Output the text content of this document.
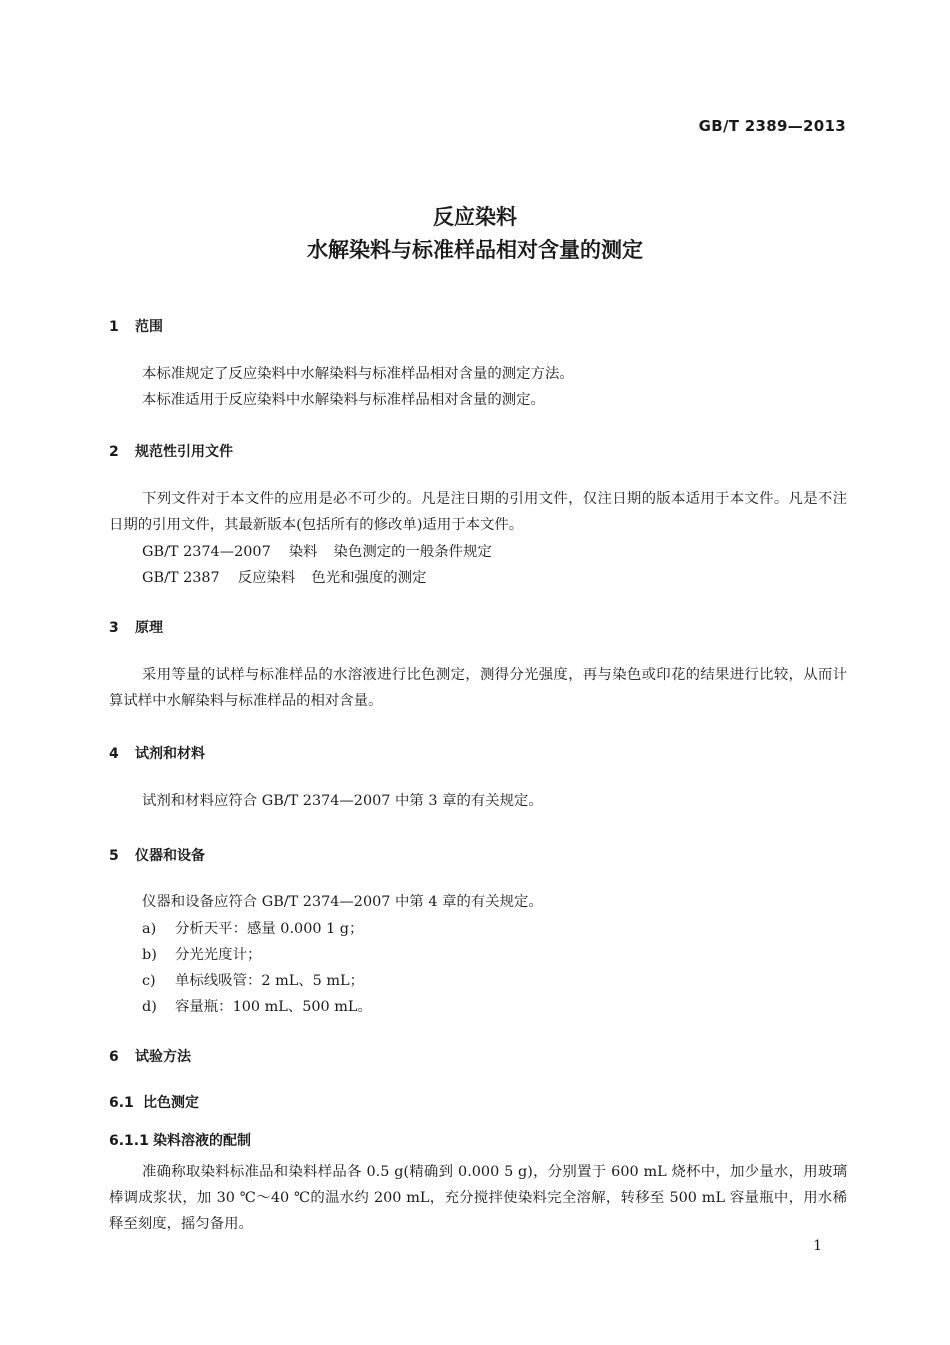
GB/T 2389—2013
反应染料
水解染料与标准样品相对含量的测定
1 范围

本标准规定了反应染料中水解染料与标准样品相对含量的测定方法。

本标准适用于反应染料中水解染料与标准样品相对含量的测定。

2 规范性引用文件

下列文件对于本文件的应用是必不可少的。凡是注日期的引用文件，仅注日期的版本适用于本文件。凡是不注日期的引用文件，其最新版本(包括所有的修改单)适用于本文件。

GB/T 2374—2007 染料 染色测定的一般条件规定
GB/T 2387 反应染料 色光和强度的测定
3 原理

采用等量的试样与标准样品的水溶液进行比色测定，测得分光强度，再与染色或印花的结果进行比较，从而计算试样中水解染料与标准样品的相对含量。

4 试剂和材料

试剂和材料应符合 GB/T 2374—2007 中第 3 章的有关规定。

5 仪器和设备

仪器和设备应符合 GB/T 2374—2007 中第 4 章的有关规定。

a) 分析天平：感量 0.000 1 g；
b) 分光光度计；
c) 单标线吸管：2 mL、5 mL；
d) 容量瓶：100 mL、500 mL。
6 试验方法
6.1 比色测定
6.1.1 染料溶液的配制

准确称取染料标准品和染料样品各 0.5 g(精确到 0.000 5 g)，分别置于 600 mL 烧杯中，加少量水，用玻璃棒调成浆状，加 30 ℃～40 ℃的温水约 200 mL，充分搅拌使染料完全溶解，转移至 500 mL 容量瓶中，用水稀释至刻度，摇匀备用。

1
